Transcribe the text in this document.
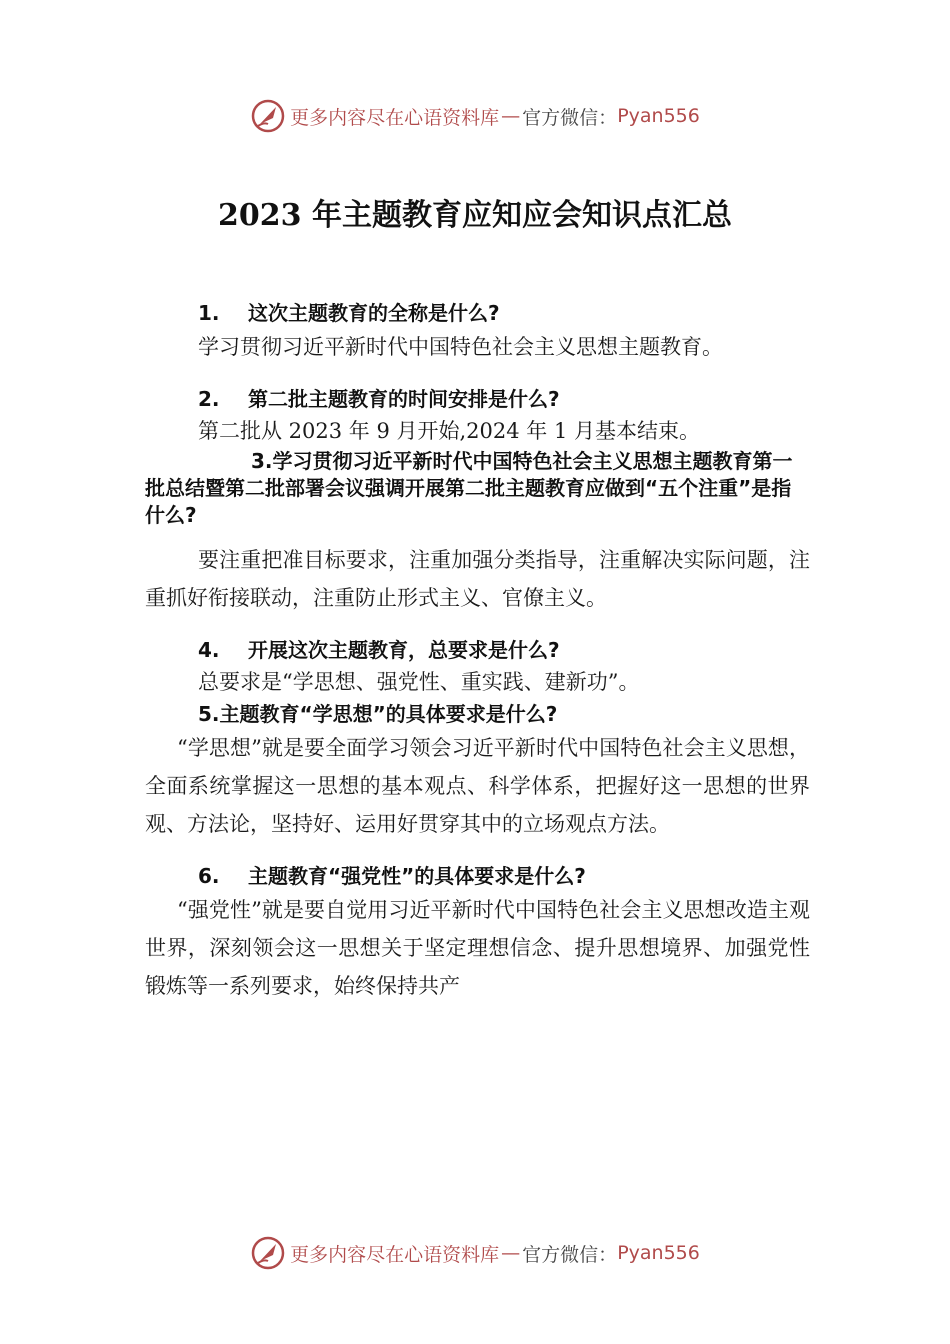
更多内容尽在心语资料库 — 官方微信： Pyan556
2023 年主题教育应知应会知识点汇总

1. 这次主题教育的全称是什么?

学习贯彻习近平新时代中国特色社会主义思想主题教育。

2. 第二批主题教育的时间安排是什么?

第二批从 2023 年 9 月开始,2024 年 1 月基本结束。

3.学习贯彻习近平新时代中国特色社会主义思想主题教育第一批总结暨第二批部署会议强调开展第二批主题教育应做到“五个注重”是指什么?

要注重把准目标要求，注重加强分类指导，注重解决实际问题，注重抓好衔接联动，注重防止形式主义、官僚主义。

4. 开展这次主题教育，总要求是什么?

总要求是“学思想、强党性、重实践、建新功”。

5.主题教育“学思想”的具体要求是什么?

“学思想”就是要全面学习领会习近平新时代中国特色社会主义思想，全面系统掌握这一思想的基本观点、科学体系，把握好这一思想的世界观、方法论，坚持好、运用好贯穿其中的立场观点方法。

6. 主题教育“强党性”的具体要求是什么?

“强党性”就是要自觉用习近平新时代中国特色社会主义思想改造主观世界，深刻领会这一思想关于坚定理想信念、提升思想境界、加强党性锻炼等一系列要求，始终保持共产

更多内容尽在心语资料库 — 官方微信： Pyan556
